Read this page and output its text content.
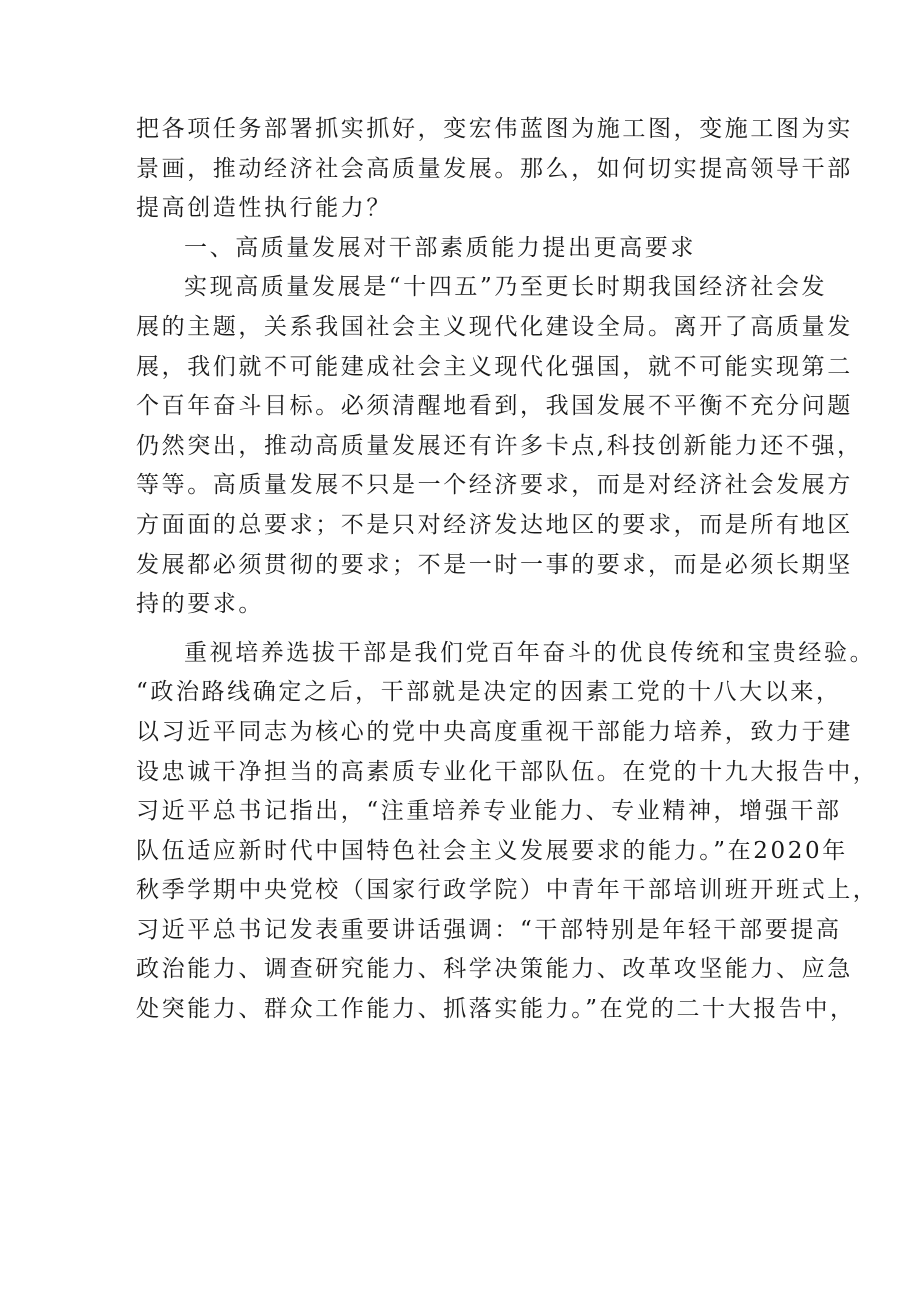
把各项任务部署抓实抓好，变宏伟蓝图为施工图，变施工图为实
景画，推动经济社会高质量发展。那么，如何切实提高领导干部
提高创造性执行能力？
一、高质量发展对干部素质能力提出更高要求
实现高质量发展是“十四五”乃至更长时期我国经济社会发
展的主题，关系我国社会主义现代化建设全局。离开了高质量发
展，我们就不可能建成社会主义现代化强国，就不可能实现第二
个百年奋斗目标。必须清醒地看到，我国发展不平衡不充分问题
仍然突出，推动高质量发展还有许多卡点,科技创新能力还不强，
等等。高质量发展不只是一个经济要求，而是对经济社会发展方
方面面的总要求；不是只对经济发达地区的要求，而是所有地区
发展都必须贯彻的要求；不是一时一事的要求，而是必须长期坚
持的要求。
重视培养选拔干部是我们党百年奋斗的优良传统和宝贵经验。
“政治路线确定之后，干部就是决定的因素工党的十八大以来，
以习近平同志为核心的党中央高度重视干部能力培养，致力于建
设忠诚干净担当的高素质专业化干部队伍。在党的十九大报告中，
习近平总书记指出，“注重培养专业能力、专业精神，增强干部
队伍适应新时代中国特色社会主义发展要求的能力。”在2020年
秋季学期中央党校（国家行政学院）中青年干部培训班开班式上，
习近平总书记发表重要讲话强调：“干部特别是年轻干部要提高
政治能力、调查研究能力、科学决策能力、改革攻坚能力、应急
处突能力、群众工作能力、抓落实能力。”在党的二十大报告中，
